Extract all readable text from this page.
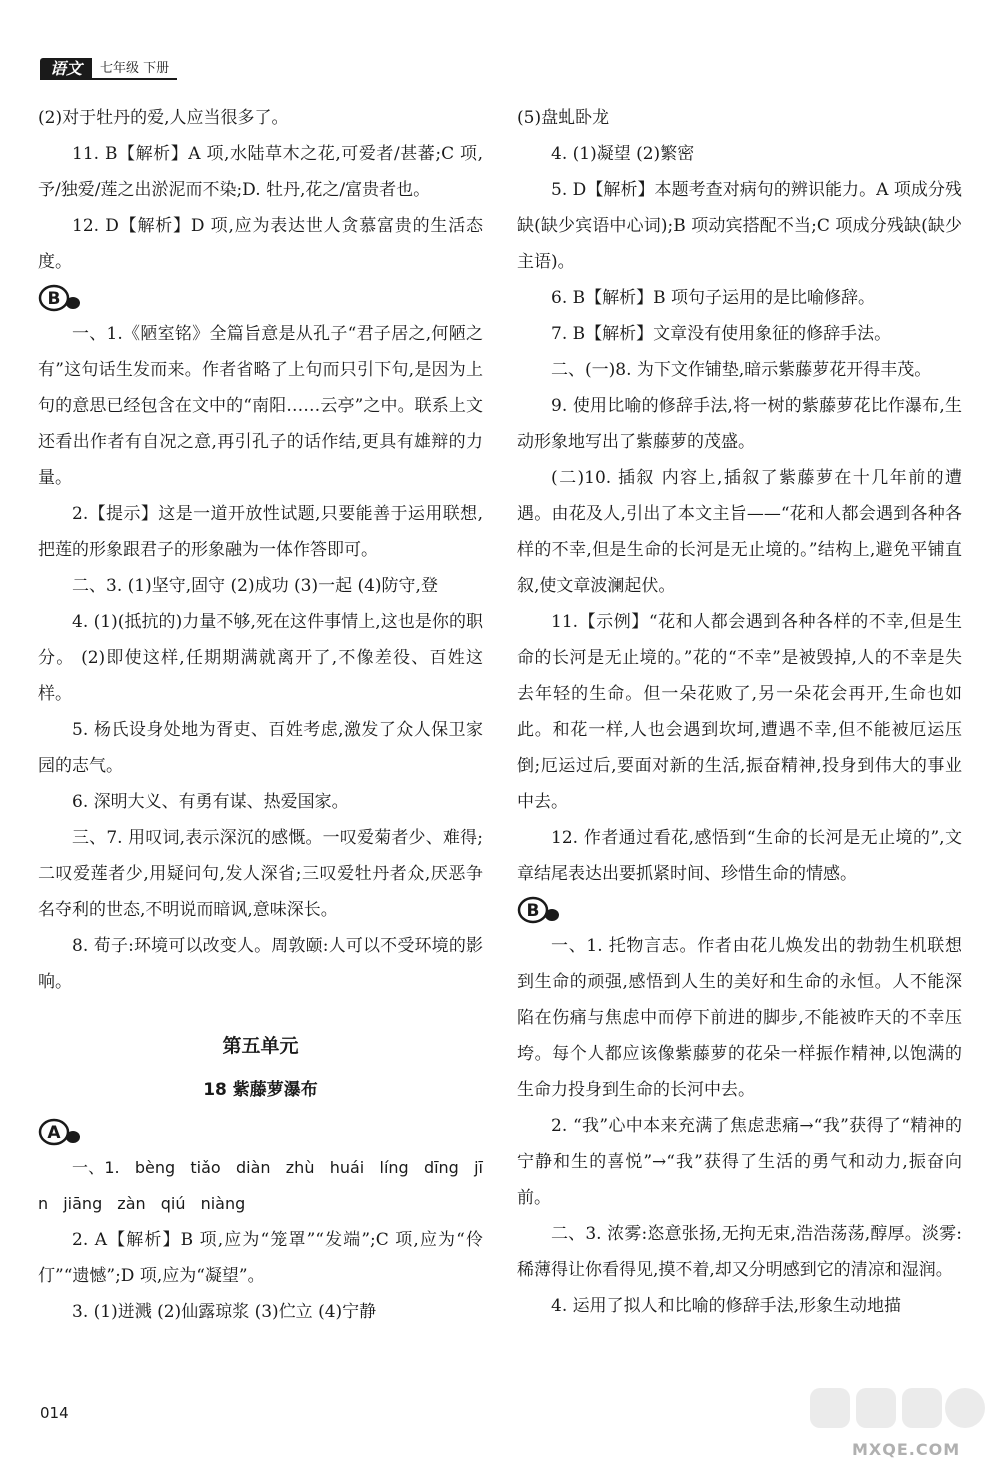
语文	七年级 下册

(2)对于牡丹的爱,人应当很多了。

11. B【解析】A 项,水陆草木之花,可爱者/甚蕃;C 项,予/独爱/莲之出淤泥而不染;D. 牡丹,花之/富贵者也。

12. D【解析】D 项,应为表达世人贪慕富贵的生活态度。

B

一、1.《陋室铭》全篇旨意是从孔子“君子居之,何陋之有”这句话生发而来。作者省略了上句而只引下句,是因为上句的意思已经包含在文中的“南阳……云亭”之中。联系上文还看出作者有自况之意,再引孔子的话作结,更具有雄辩的力量。

2.【提示】这是一道开放性试题,只要能善于运用联想,把莲的形象跟君子的形象融为一体作答即可。

二、3. (1)坚守,固守 (2)成功 (3)一起 (4)防守,登

4. (1)(抵抗的)力量不够,死在这件事情上,这也是你的职分。 (2)即使这样,任期期满就离开了,不像差役、百姓这样。

5. 杨氏设身处地为胥吏、百姓考虑,激发了众人保卫家园的志气。

6. 深明大义、有勇有谋、热爱国家。

三、7. 用叹词,表示深沉的感慨。一叹爱菊者少、难得;二叹爱莲者少,用疑问句,发人深省;三叹爱牡丹者众,厌恶争名夺利的世态,不明说而暗讽,意味深长。

8. 荀子:环境可以改变人。周敦颐:人可以不受环境的影响。

第五单元
18 紫藤萝瀑布
A

一、1. bèng tiǎo diàn zhù huái líng dīng jīn jiāng zàn qiú niàng

2. A【解析】B 项,应为“笼罩”“发端”;C 项,应为“伶仃”“遗憾”;D 项,应为“凝望”。

3. (1)迸溅 (2)仙露琼浆 (3)伫立 (4)宁静

(5)盘虬卧龙

4. (1)凝望 (2)繁密

5. D【解析】本题考查对病句的辨识能力。A 项成分残缺(缺少宾语中心词);B 项动宾搭配不当;C 项成分残缺(缺少主语)。

6. B【解析】B 项句子运用的是比喻修辞。

7. B【解析】文章没有使用象征的修辞手法。

二、(一)8. 为下文作铺垫,暗示紫藤萝花开得丰茂。

9. 使用比喻的修辞手法,将一树的紫藤萝花比作瀑布,生动形象地写出了紫藤萝的茂盛。

(二)10. 插叙 内容上,插叙了紫藤萝在十几年前的遭遇。由花及人,引出了本文主旨——“花和人都会遇到各种各样的不幸,但是生命的长河是无止境的。”结构上,避免平铺直叙,使文章波澜起伏。

11.【示例】“花和人都会遇到各种各样的不幸,但是生命的长河是无止境的。”花的“不幸”是被毁掉,人的不幸是失去年轻的生命。但一朵花败了,另一朵花会再开,生命也如此。和花一样,人也会遇到坎坷,遭遇不幸,但不能被厄运压倒;厄运过后,要面对新的生活,振奋精神,投身到伟大的事业中去。

12. 作者通过看花,感悟到“生命的长河是无止境的”,文章结尾表达出要抓紧时间、珍惜生命的情感。

B

一、1. 托物言志。作者由花儿焕发出的勃勃生机联想到生命的顽强,感悟到人生的美好和生命的永恒。人不能深陷在伤痛与焦虑中而停下前进的脚步,不能被昨天的不幸压垮。每个人都应该像紫藤萝的花朵一样振作精神,以饱满的生命力投身到生命的长河中去。

2. “我”心中本来充满了焦虑悲痛→“我”获得了“精神的宁静和生的喜悦”→“我”获得了生活的勇气和动力,振奋向前。

二、3. 浓雾:恣意张扬,无拘无束,浩浩荡荡,醇厚。淡雾:稀薄得让你看得见,摸不着,却又分明感到它的清凉和湿润。

4. 运用了拟人和比喻的修辞手法,形象生动地描

014
MXQE.COM
